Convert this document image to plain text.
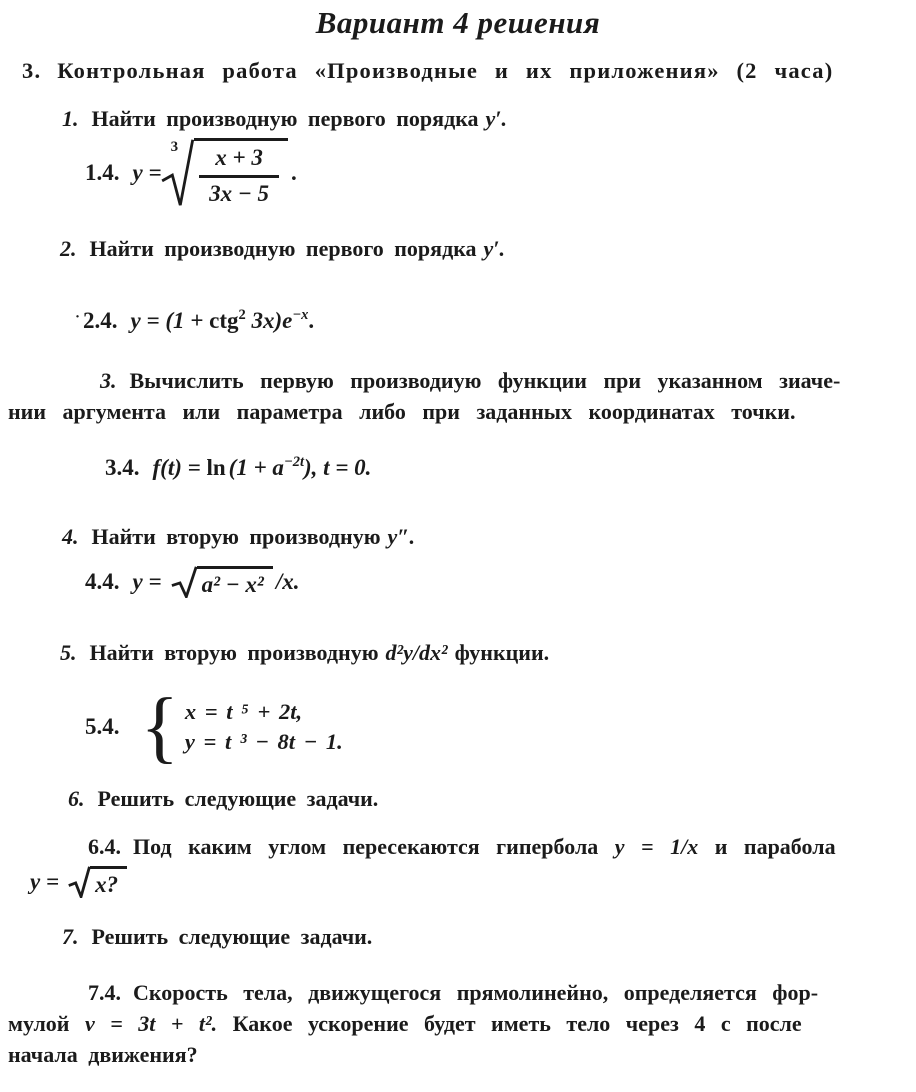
Вариант 4 решения
3. Контрольная работа «Производные и их приложения» (2 часа)
1. Найти производную первого порядка y′.
1.4. y =
$3 \frac{x + 3}{3x - 5}$ .
2. Найти производную первого порядка y′.
· 2.4. y = (1 + ctg$^2$ $3x)e^{-x}$.
3. Вычислить первую производиую функции при указанном зиаче-
нии аргумента или параметра либо при заданных координатах точки.
3.4. $f(t) = \ln (1 + a^{-2t})$, t = 0.
4. Найти вторую производную y″.
4.4. y = a² − x² /x.
5. Найти вторую производную d²y/dx² функции.
5.4. { x = t ⁵ + 2t,
y = t ³ − 8t − 1.
6. Решить следующие задачи.
6.4. Под каким углом пересекаются гипербола y = 1/x и парабола
y = x?
7. Решить следующие задачи.
7.4. Скорость тела, движущегося прямолинейно, определяется фор-
мулой v = 3t + t². Какое ускорение будет иметь тело через 4 с после
начала движения?
